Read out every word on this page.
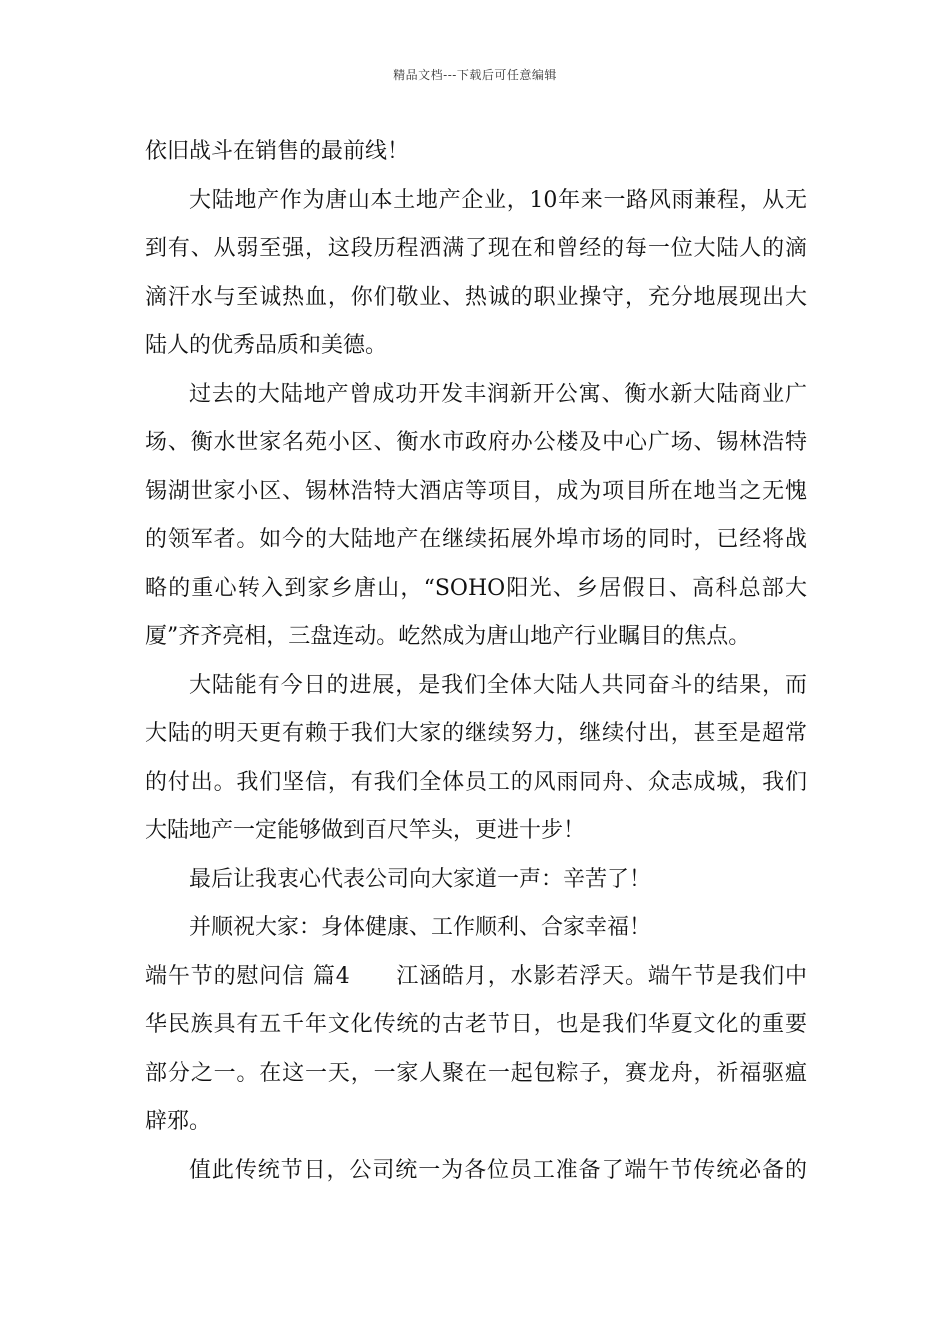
精品文档---下载后可任意编辑
依旧战斗在销售的最前线！
大陆地产作为唐山本土地产企业，10年来一路风雨兼程，从无
到有、从弱至强，这段历程洒满了现在和曾经的每一位大陆人的滴
滴汗水与至诚热血，你们敬业、热诚的职业操守，充分地展现出大
陆人的优秀品质和美德。
过去的大陆地产曾成功开发丰润新开公寓、衡水新大陆商业广
场、衡水世家名苑小区、衡水市政府办公楼及中心广场、锡林浩特
锡湖世家小区、锡林浩特大酒店等项目，成为项目所在地当之无愧
的领军者。如今的大陆地产在继续拓展外埠市场的同时，已经将战
略的重心转入到家乡唐山，“SOHO阳光、乡居假日、高科总部大
厦”齐齐亮相，三盘连动。屹然成为唐山地产行业瞩目的焦点。
大陆能有今日的进展，是我们全体大陆人共同奋斗的结果，而
大陆的明天更有赖于我们大家的继续努力，继续付出，甚至是超常
的付出。我们坚信，有我们全体员工的风雨同舟、众志成城，我们
大陆地产一定能够做到百尺竿头，更进十步！
最后让我衷心代表公司向大家道一声：辛苦了！
并顺祝大家：身体健康、工作顺利、合家幸福！
端午节的慰问信 篇4　　江涵皓月，水影若浮天。端午节是我们中
华民族具有五千年文化传统的古老节日，也是我们华夏文化的重要
部分之一。在这一天，一家人聚在一起包粽子，赛龙舟，祈福驱瘟
辟邪。
值此传统节日，公司统一为各位员工准备了端午节传统必备的
